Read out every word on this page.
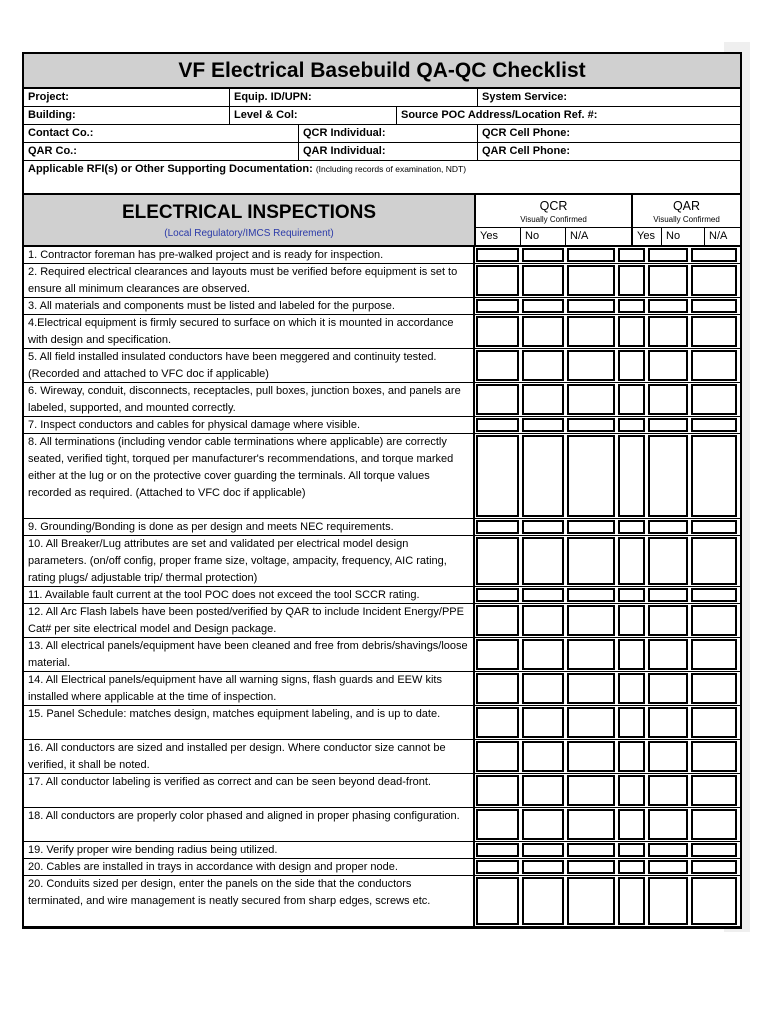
VF Electrical Basebuild QA-QC Checklist
Project:	Equip. ID/UPN:	System Service:
Building:	Level & Col:	Source POC Address/Location Ref. #:
Contact Co.:	QCR Individual:	QCR Cell Phone:
QAR Co.:	QAR Individual:	QAR Cell Phone:
Applicable RFI(s) or Other Supporting Documentation: (Including records of examination, NDT)
ELECTRICAL INSPECTIONS
(Local Regulatory/IMCS Requirement)
QCR
Visually Confirmed
QAR
Visually Confirmed
Yes	No	N/A	Yes	No	N/A
1. Contractor foreman has pre-walked project and is ready for inspection.
2. Required electrical clearances and layouts must be verified before equipment is set to ensure all minimum clearances are observed.
3. All materials and components must be listed and labeled for the purpose.
4.Electrical equipment is firmly secured to surface on which it is mounted in accordance with design and specification.
5. All field installed insulated conductors have been meggered and continuity tested. (Recorded and attached to VFC doc if applicable)
6. Wireway, conduit, disconnects, receptacles, pull boxes, junction boxes, and panels are labeled, supported, and mounted correctly.
7. Inspect conductors and cables for physical damage where visible.
8. All terminations (including vendor cable terminations where applicable) are correctly seated, verified tight, torqued per manufacturer's recommendations, and torque marked either at the lug or on the protective cover guarding the terminals. All torque values recorded as required. (Attached to VFC doc if applicable)
9. Grounding/Bonding is done as per design and meets NEC requirements.
10. All Breaker/Lug attributes are set and validated per electrical model design parameters. (on/off config, proper frame size, voltage, ampacity, frequency, AIC rating, rating plugs/ adjustable trip/ thermal protection)
11. Available fault current at the tool POC does not exceed the tool SCCR rating.
12. All Arc Flash labels have been posted/verified by QAR to include Incident Energy/PPE Cat# per site electrical model and Design package.
13. All electrical panels/equipment have been cleaned and free from debris/shavings/loose material.
14. All Electrical panels/equipment have all warning signs, flash guards and EEW kits installed where applicable at the time of inspection.
15. Panel Schedule: matches design, matches equipment labeling, and is up to date.
16. All conductors are sized and installed per design. Where conductor size cannot be verified, it shall be noted.
17. All conductor labeling is verified as correct and can be seen beyond dead-front.
18. All conductors are properly color phased and aligned in proper phasing configuration.
19. Verify proper wire bending radius being utilized.
20. Cables are installed in trays in accordance with design and proper node.
20. Conduits sized per design, enter the panels on the side that the conductors terminated, and wire management is neatly secured from sharp edges, screws etc.
